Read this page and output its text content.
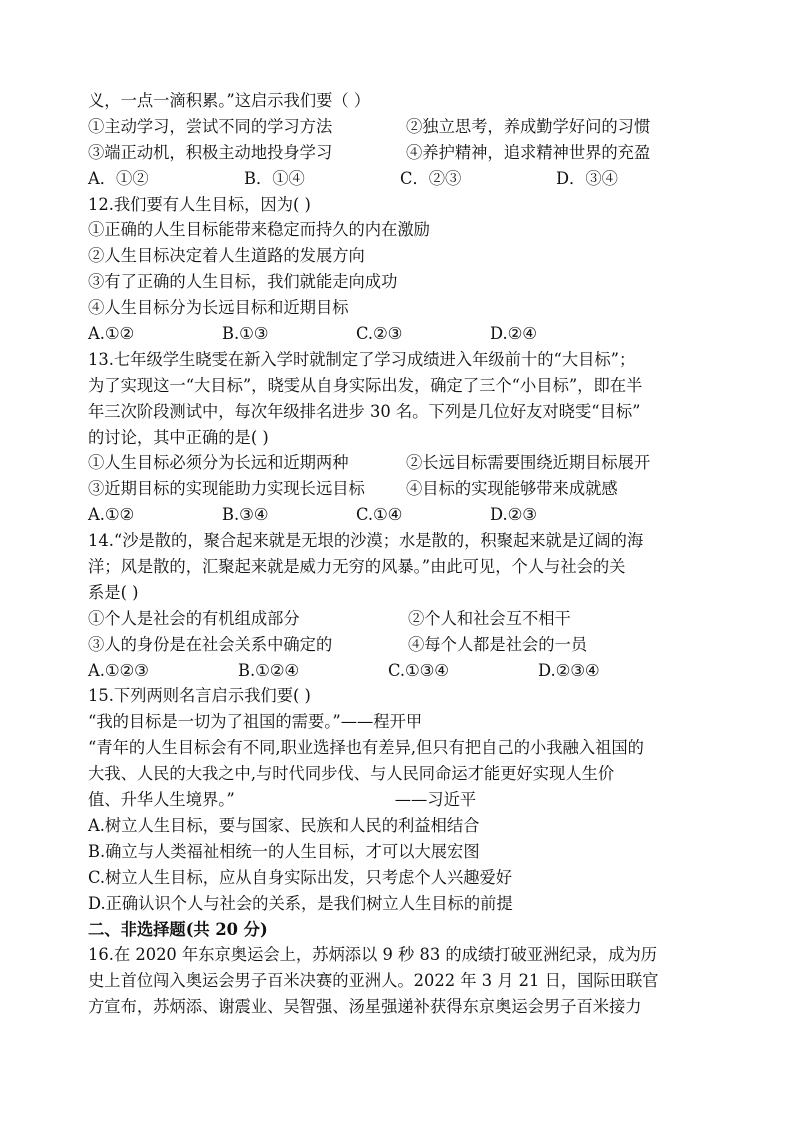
义，一点一滴积累。”这启示我们要（ ）
①主动学习，尝试不同的学习方法	②独立思考，养成勤学好问的习惯
③端正动机，积极主动地投身学习	④养护精神，追求精神世界的充盈
A．①②	B．①④	C．②③	D．③④
12.我们要有人生目标，因为( )
①正确的人生目标能带来稳定而持久的内在激励
②人生目标决定着人生道路的发展方向
③有了正确的人生目标，我们就能走向成功
④人生目标分为长远目标和近期目标
A.①②	B.①③	C.②③	D.②④
13.七年级学生晓雯在新入学时就制定了学习成绩进入年级前十的“大目标”；
为了实现这一“大目标”，晓雯从自身实际出发，确定了三个“小目标”，即在半
年三次阶段测试中，每次年级排名进步 30 名。下列是几位好友对晓雯“目标”
的讨论，其中正确的是( )
①人生目标必须分为长远和近期两种	②长远目标需要围绕近期目标展开
③近期目标的实现能助力实现长远目标	④目标的实现能够带来成就感
A.①②	B.③④	C.①④	D.②③
14.“沙是散的，聚合起来就是无垠的沙漠；水是散的，积聚起来就是辽阔的海
洋；风是散的，汇聚起来就是威力无穷的风暴。”由此可见，个人与社会的关
系是( )
①个人是社会的有机组成部分	②个人和社会互不相干
③人的身份是在社会关系中确定的	④每个人都是社会的一员
A.①②③	B.①②④	C.①③④	D.②③④
15.下列两则名言启示我们要( )
“我的目标是一切为了祖国的需要。”——程开甲
“青年的人生目标会有不同,职业选择也有差异,但只有把自己的小我融入祖国的
大我、人民的大我之中,与时代同步伐、与人民同命运才能更好实现人生价
值、升华人生境界。”	——习近平
A.树立人生目标，要与国家、民族和人民的利益相结合
B.确立与人类福祉相统一的人生目标，才可以大展宏图
C.树立人生目标，应从自身实际出发，只考虑个人兴趣爱好
D.正确认识个人与社会的关系，是我们树立人生目标的前提
二、非选择题(共 20 分)
16.在 2020 年东京奥运会上，苏炳添以 9 秒 83 的成绩打破亚洲纪录，成为历
史上首位闯入奥运会男子百米决赛的亚洲人。2022 年 3 月 21 日，国际田联官
方宣布，苏炳添、谢震业、吴智强、汤星强递补获得东京奥运会男子百米接力
